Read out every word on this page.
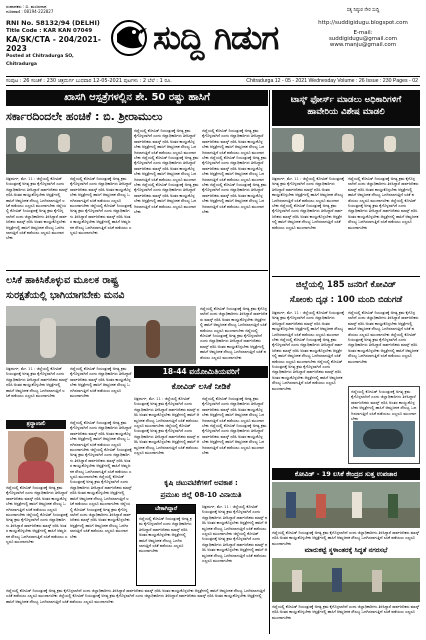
ಸಂಪಾದಕರು : ಬಿ. ಮಂಜುನಾಥ
ದೂರವಾಣಿ : 08194-222827
RNI No. 58132/94 (DELHI)
Title Code : KAR KAN 07049
KA/SK/CTA - 204/2021-2023
Posted at Chitradurga SO, Chitradurga
ಸುದ್ದಿ ಗಿಡುಗ
ಸತ್ಯ ನಿಷ್ಠುರ ನೇರ ಸುದ್ದಿ
http://suddigidugu.blogspot.com
E-mail:
suddigidugu@gmail.com
www.manju@gmail.com
ಸಂಪುಟ : 26 ಸಂಚಿಕೆ : 230 ಚಿತ್ರದುರ್ಗ ಬುಧವಾರ 12-05-2021 ಪುಟಗಳು : 2 ಬೆಲೆ : 1 ರೂ.	Chitradurga 12 - 05 - 2021 Wednesday Volume : 26 Issue : 230 Pages - 02
ಖಾಸಗಿ ಆಸ್ಪತ್ರೆಗಳಲ್ಲಿನ ಶೇ. 50 ರಷ್ಟು ಹಾಸಿಗೆ
ಸರ್ಕಾರದಿಂದಲೇ ಹಂಚಿಕೆ : ಬಿ. ಶ್ರೀರಾಮುಲು
ಟಾಸ್ಕ್ ಫೋರ್ಸ್ ಮಾಡಲು ಅಧಿಕಾರಿಗಳಿಗೆ ಹಾವೇರಿಯ ವಿಶೇಷ ಮಾಡಲಿ
ಚಿತ್ರದುರ್ಗ, ಮೇ. 11 : ಜಿಲ್ಲೆಯಲ್ಲಿ ಕೋವಿಡ್ ನಿಯಂತ್ರಣಕ್ಕೆ ಅಗತ್ಯ ಕ್ರಮ ಕೈಗೊಳ್ಳಲಾಗಿದೆ ಎಂದು ಜಿಲ್ಲಾಧಿಕಾರಿಗಳು ತಿಳಿಸಿದ್ದಾರೆ ಸಾರ್ವಜನಿಕರು ಮಾಸ್ಕ್ ಧರಿಸಿ ಅಂತರ ಕಾಯ್ದುಕೊಳ್ಳಬೇಕು ಆಸ್ಪತ್ರೆಗಳಲ್ಲಿ ಹಾಸಿಗೆ ಆಮ್ಲಜನಕ ಸೌಲಭ್ಯ ಒದಗಿಸಲಾಗುತ್ತಿದೆ ಲಸಿಕೆ ಪಡೆಯಲು ಎಲ್ಲರೂ ಮುಂದಾಗಬೇಕು ಜಿಲ್ಲೆಯಲ್ಲಿ ಕೋವಿಡ್ ನಿಯಂತ್ರಣಕ್ಕೆ ಅಗತ್ಯ ಕ್ರಮ ಕೈಗೊಳ್ಳಲಾಗಿದೆ ಎಂದು ಜಿಲ್ಲಾಧಿಕಾರಿಗಳು ತಿಳಿಸಿದ್ದಾರೆ ಸಾರ್ವಜನಿಕರು ಮಾಸ್ಕ್ ಧರಿಸಿ ಅಂತರ ಕಾಯ್ದುಕೊಳ್ಳಬೇಕು ಆಸ್ಪತ್ರೆಗಳಲ್ಲಿ ಹಾಸಿಗೆ ಆಮ್ಲಜನಕ ಸೌಲಭ್ಯ ಒದಗಿಸಲಾಗುತ್ತಿದೆ ಲಸಿಕೆ ಪಡೆಯಲು ಎಲ್ಲರೂ ಮುಂದಾಗಬೇಕು
ಜಿಲ್ಲೆಯಲ್ಲಿ ಕೋವಿಡ್ ನಿಯಂತ್ರಣಕ್ಕೆ ಅಗತ್ಯ ಕ್ರಮ ಕೈಗೊಳ್ಳಲಾಗಿದೆ ಎಂದು ಜಿಲ್ಲಾಧಿಕಾರಿಗಳು ತಿಳಿಸಿದ್ದಾರೆ ಸಾರ್ವಜನಿಕರು ಮಾಸ್ಕ್ ಧರಿಸಿ ಅಂತರ ಕಾಯ್ದುಕೊಳ್ಳಬೇಕು ಆಸ್ಪತ್ರೆಗಳಲ್ಲಿ ಹಾಸಿಗೆ ಆಮ್ಲಜನಕ ಸೌಲಭ್ಯ ಒದಗಿಸಲಾಗುತ್ತಿದೆ ಲಸಿಕೆ ಪಡೆಯಲು ಎಲ್ಲರೂ ಮುಂದಾಗಬೇಕು ಜಿಲ್ಲೆಯಲ್ಲಿ ಕೋವಿಡ್ ನಿಯಂತ್ರಣಕ್ಕೆ ಅಗತ್ಯ ಕ್ರಮ ಕೈಗೊಳ್ಳಲಾಗಿದೆ ಎಂದು ಜಿಲ್ಲಾಧಿಕಾರಿಗಳು ತಿಳಿಸಿದ್ದಾರೆ ಸಾರ್ವಜನಿಕರು ಮಾಸ್ಕ್ ಧರಿಸಿ ಅಂತರ ಕಾಯ್ದುಕೊಳ್ಳಬೇಕು ಆಸ್ಪತ್ರೆಗಳಲ್ಲಿ ಹಾಸಿಗೆ ಆಮ್ಲಜನಕ ಸೌಲಭ್ಯ ಒದಗಿಸಲಾಗುತ್ತಿದೆ ಲಸಿಕೆ ಪಡೆಯಲು ಎಲ್ಲರೂ ಮುಂದಾಗಬೇಕು
ಜಿಲ್ಲೆಯಲ್ಲಿ ಕೋವಿಡ್ ನಿಯಂತ್ರಣಕ್ಕೆ ಅಗತ್ಯ ಕ್ರಮ ಕೈಗೊಳ್ಳಲಾಗಿದೆ ಎಂದು ಜಿಲ್ಲಾಧಿಕಾರಿಗಳು ತಿಳಿಸಿದ್ದಾರೆ ಸಾರ್ವಜನಿಕರು ಮಾಸ್ಕ್ ಧರಿಸಿ ಅಂತರ ಕಾಯ್ದುಕೊಳ್ಳಬೇಕು ಆಸ್ಪತ್ರೆಗಳಲ್ಲಿ ಹಾಸಿಗೆ ಆಮ್ಲಜನಕ ಸೌಲಭ್ಯ ಒದಗಿಸಲಾಗುತ್ತಿದೆ ಲಸಿಕೆ ಪಡೆಯಲು ಎಲ್ಲರೂ ಮುಂದಾಗಬೇಕು ಜಿಲ್ಲೆಯಲ್ಲಿ ಕೋವಿಡ್ ನಿಯಂತ್ರಣಕ್ಕೆ ಅಗತ್ಯ ಕ್ರಮ ಕೈಗೊಳ್ಳಲಾಗಿದೆ ಎಂದು ಜಿಲ್ಲಾಧಿಕಾರಿಗಳು ತಿಳಿಸಿದ್ದಾರೆ ಸಾರ್ವಜನಿಕರು ಮಾಸ್ಕ್ ಧರಿಸಿ ಅಂತರ ಕಾಯ್ದುಕೊಳ್ಳಬೇಕು ಆಸ್ಪತ್ರೆಗಳಲ್ಲಿ ಹಾಸಿಗೆ ಆಮ್ಲಜನಕ ಸೌಲಭ್ಯ ಒದಗಿಸಲಾಗುತ್ತಿದೆ ಲಸಿಕೆ ಪಡೆಯಲು ಎಲ್ಲರೂ ಮುಂದಾಗಬೇಕು ಜಿಲ್ಲೆಯಲ್ಲಿ ಕೋವಿಡ್ ನಿಯಂತ್ರಣಕ್ಕೆ ಅಗತ್ಯ ಕ್ರಮ ಕೈಗೊಳ್ಳಲಾಗಿದೆ ಎಂದು ಜಿಲ್ಲಾಧಿಕಾರಿಗಳು ತಿಳಿಸಿದ್ದಾರೆ ಸಾರ್ವಜನಿಕರು ಮಾಸ್ಕ್ ಧರಿಸಿ ಅಂತರ ಕಾಯ್ದುಕೊಳ್ಳಬೇಕು ಆಸ್ಪತ್ರೆಗಳಲ್ಲಿ ಹಾಸಿಗೆ ಆಮ್ಲಜನಕ ಸೌಲಭ್ಯ ಒದಗಿಸಲಾಗುತ್ತಿದೆ ಲಸಿಕೆ ಪಡೆಯಲು ಎಲ್ಲರೂ ಮುಂದಾಗಬೇಕು
ಜಿಲ್ಲೆಯಲ್ಲಿ ಕೋವಿಡ್ ನಿಯಂತ್ರಣಕ್ಕೆ ಅಗತ್ಯ ಕ್ರಮ ಕೈಗೊಳ್ಳಲಾಗಿದೆ ಎಂದು ಜಿಲ್ಲಾಧಿಕಾರಿಗಳು ತಿಳಿಸಿದ್ದಾರೆ ಸಾರ್ವಜನಿಕರು ಮಾಸ್ಕ್ ಧರಿಸಿ ಅಂತರ ಕಾಯ್ದುಕೊಳ್ಳಬೇಕು ಆಸ್ಪತ್ರೆಗಳಲ್ಲಿ ಹಾಸಿಗೆ ಆಮ್ಲಜನಕ ಸೌಲಭ್ಯ ಒದಗಿಸಲಾಗುತ್ತಿದೆ ಲಸಿಕೆ ಪಡೆಯಲು ಎಲ್ಲರೂ ಮುಂದಾಗಬೇಕು ಜಿಲ್ಲೆಯಲ್ಲಿ ಕೋವಿಡ್ ನಿಯಂತ್ರಣಕ್ಕೆ ಅಗತ್ಯ ಕ್ರಮ ಕೈಗೊಳ್ಳಲಾಗಿದೆ ಎಂದು ಜಿಲ್ಲಾಧಿಕಾರಿಗಳು ತಿಳಿಸಿದ್ದಾರೆ ಸಾರ್ವಜನಿಕರು ಮಾಸ್ಕ್ ಧರಿಸಿ ಅಂತರ ಕಾಯ್ದುಕೊಳ್ಳಬೇಕು ಆಸ್ಪತ್ರೆಗಳಲ್ಲಿ ಹಾಸಿಗೆ ಆಮ್ಲಜನಕ ಸೌಲಭ್ಯ ಒದಗಿಸಲಾಗುತ್ತಿದೆ ಲಸಿಕೆ ಪಡೆಯಲು ಎಲ್ಲರೂ ಮುಂದಾಗಬೇಕು ಜಿಲ್ಲೆಯಲ್ಲಿ ಕೋವಿಡ್ ನಿಯಂತ್ರಣಕ್ಕೆ ಅಗತ್ಯ ಕ್ರಮ ಕೈಗೊಳ್ಳಲಾಗಿದೆ ಎಂದು ಜಿಲ್ಲಾಧಿಕಾರಿಗಳು ತಿಳಿಸಿದ್ದಾರೆ ಸಾರ್ವಜನಿಕರು ಮಾಸ್ಕ್ ಧರಿಸಿ ಅಂತರ ಕಾಯ್ದುಕೊಳ್ಳಬೇಕು ಆಸ್ಪತ್ರೆಗಳಲ್ಲಿ ಹಾಸಿಗೆ ಆಮ್ಲಜನಕ ಸೌಲಭ್ಯ ಒದಗಿಸಲಾಗುತ್ತಿದೆ ಲಸಿಕೆ ಪಡೆಯಲು ಎಲ್ಲರೂ ಮುಂದಾಗಬೇಕು
ಚಿತ್ರದುರ್ಗ, ಮೇ. 11 : ಜಿಲ್ಲೆಯಲ್ಲಿ ಕೋವಿಡ್ ನಿಯಂತ್ರಣಕ್ಕೆ ಅಗತ್ಯ ಕ್ರಮ ಕೈಗೊಳ್ಳಲಾಗಿದೆ ಎಂದು ಜಿಲ್ಲಾಧಿಕಾರಿಗಳು ತಿಳಿಸಿದ್ದಾರೆ ಸಾರ್ವಜನಿಕರು ಮಾಸ್ಕ್ ಧರಿಸಿ ಅಂತರ ಕಾಯ್ದುಕೊಳ್ಳಬೇಕು ಆಸ್ಪತ್ರೆಗಳಲ್ಲಿ ಹಾಸಿಗೆ ಆಮ್ಲಜನಕ ಸೌಲಭ್ಯ ಒದಗಿಸಲಾಗುತ್ತಿದೆ ಲಸಿಕೆ ಪಡೆಯಲು ಎಲ್ಲರೂ ಮುಂದಾಗಬೇಕು ಜಿಲ್ಲೆಯಲ್ಲಿ ಕೋವಿಡ್ ನಿಯಂತ್ರಣಕ್ಕೆ ಅಗತ್ಯ ಕ್ರಮ ಕೈಗೊಳ್ಳಲಾಗಿದೆ ಎಂದು ಜಿಲ್ಲಾಧಿಕಾರಿಗಳು ತಿಳಿಸಿದ್ದಾರೆ ಸಾರ್ವಜನಿಕರು ಮಾಸ್ಕ್ ಧರಿಸಿ ಅಂತರ ಕಾಯ್ದುಕೊಳ್ಳಬೇಕು ಆಸ್ಪತ್ರೆಗಳಲ್ಲಿ ಹಾಸಿಗೆ ಆಮ್ಲಜನಕ ಸೌಲಭ್ಯ ಒದಗಿಸಲಾಗುತ್ತಿದೆ ಲಸಿಕೆ ಪಡೆಯಲು ಎಲ್ಲರೂ ಮುಂದಾಗಬೇಕು
ಜಿಲ್ಲೆಯಲ್ಲಿ ಕೋವಿಡ್ ನಿಯಂತ್ರಣಕ್ಕೆ ಅಗತ್ಯ ಕ್ರಮ ಕೈಗೊಳ್ಳಲಾಗಿದೆ ಎಂದು ಜಿಲ್ಲಾಧಿಕಾರಿಗಳು ತಿಳಿಸಿದ್ದಾರೆ ಸಾರ್ವಜನಿಕರು ಮಾಸ್ಕ್ ಧರಿಸಿ ಅಂತರ ಕಾಯ್ದುಕೊಳ್ಳಬೇಕು ಆಸ್ಪತ್ರೆಗಳಲ್ಲಿ ಹಾಸಿಗೆ ಆಮ್ಲಜನಕ ಸೌಲಭ್ಯ ಒದಗಿಸಲಾಗುತ್ತಿದೆ ಲಸಿಕೆ ಪಡೆಯಲು ಎಲ್ಲರೂ ಮುಂದಾಗಬೇಕು ಜಿಲ್ಲೆಯಲ್ಲಿ ಕೋವಿಡ್ ನಿಯಂತ್ರಣಕ್ಕೆ ಅಗತ್ಯ ಕ್ರಮ ಕೈಗೊಳ್ಳಲಾಗಿದೆ ಎಂದು ಜಿಲ್ಲಾಧಿಕಾರಿಗಳು ತಿಳಿಸಿದ್ದಾರೆ ಸಾರ್ವಜನಿಕರು ಮಾಸ್ಕ್ ಧರಿಸಿ ಅಂತರ ಕಾಯ್ದುಕೊಳ್ಳಬೇಕು ಆಸ್ಪತ್ರೆಗಳಲ್ಲಿ ಹಾಸಿಗೆ ಆಮ್ಲಜನಕ ಸೌಲಭ್ಯ ಒದಗಿಸಲಾಗುತ್ತಿದೆ ಲಸಿಕೆ ಪಡೆಯಲು ಎಲ್ಲರೂ ಮುಂದಾಗಬೇಕು
ಲಸಿಕೆ ಹಾಕಿಸಿಕೊಳ್ಳುವ ಮೂಲಕ ರಾಷ್ಟ್ರ
ಸುರಕ್ಷತೆಯಲ್ಲಿ ಭಾಗಿಯಾಗಬೇಕು ಮನವಿ
ಜಿಲ್ಲೆಯಲ್ಲಿ ಕೋವಿಡ್ ನಿಯಂತ್ರಣಕ್ಕೆ ಅಗತ್ಯ ಕ್ರಮ ಕೈಗೊಳ್ಳಲಾಗಿದೆ ಎಂದು ಜಿಲ್ಲಾಧಿಕಾರಿಗಳು ತಿಳಿಸಿದ್ದಾರೆ ಸಾರ್ವಜನಿಕರು ಮಾಸ್ಕ್ ಧರಿಸಿ ಅಂತರ ಕಾಯ್ದುಕೊಳ್ಳಬೇಕು ಆಸ್ಪತ್ರೆಗಳಲ್ಲಿ ಹಾಸಿಗೆ ಆಮ್ಲಜನಕ ಸೌಲಭ್ಯ ಒದಗಿಸಲಾಗುತ್ತಿದೆ ಲಸಿಕೆ ಪಡೆಯಲು ಎಲ್ಲರೂ ಮುಂದಾಗಬೇಕು ಜಿಲ್ಲೆಯಲ್ಲಿ ಕೋವಿಡ್ ನಿಯಂತ್ರಣಕ್ಕೆ ಅಗತ್ಯ ಕ್ರಮ ಕೈಗೊಳ್ಳಲಾಗಿದೆ ಎಂದು ಜಿಲ್ಲಾಧಿಕಾರಿಗಳು ತಿಳಿಸಿದ್ದಾರೆ ಸಾರ್ವಜನಿಕರು ಮಾಸ್ಕ್ ಧರಿಸಿ ಅಂತರ ಕಾಯ್ದುಕೊಳ್ಳಬೇಕು ಆಸ್ಪತ್ರೆಗಳಲ್ಲಿ ಹಾಸಿಗೆ ಆಮ್ಲಜನಕ ಸೌಲಭ್ಯ ಒದಗಿಸಲಾಗುತ್ತಿದೆ ಲಸಿಕೆ ಪಡೆಯಲು ಎಲ್ಲರೂ ಮುಂದಾಗಬೇಕು
ಚಿತ್ರದುರ್ಗ, ಮೇ. 11 : ಜಿಲ್ಲೆಯಲ್ಲಿ ಕೋವಿಡ್ ನಿಯಂತ್ರಣಕ್ಕೆ ಅಗತ್ಯ ಕ್ರಮ ಕೈಗೊಳ್ಳಲಾಗಿದೆ ಎಂದು ಜಿಲ್ಲಾಧಿಕಾರಿಗಳು ತಿಳಿಸಿದ್ದಾರೆ ಸಾರ್ವಜನಿಕರು ಮಾಸ್ಕ್ ಧರಿಸಿ ಅಂತರ ಕಾಯ್ದುಕೊಳ್ಳಬೇಕು ಆಸ್ಪತ್ರೆಗಳಲ್ಲಿ ಹಾಸಿಗೆ ಆಮ್ಲಜನಕ ಸೌಲಭ್ಯ ಒದಗಿಸಲಾಗುತ್ತಿದೆ ಲಸಿಕೆ ಪಡೆಯಲು ಎಲ್ಲರೂ ಮುಂದಾಗಬೇಕು
ಜಿಲ್ಲೆಯಲ್ಲಿ ಕೋವಿಡ್ ನಿಯಂತ್ರಣಕ್ಕೆ ಅಗತ್ಯ ಕ್ರಮ ಕೈಗೊಳ್ಳಲಾಗಿದೆ ಎಂದು ಜಿಲ್ಲಾಧಿಕಾರಿಗಳು ತಿಳಿಸಿದ್ದಾರೆ ಸಾರ್ವಜನಿಕರು ಮಾಸ್ಕ್ ಧರಿಸಿ ಅಂತರ ಕಾಯ್ದುಕೊಳ್ಳಬೇಕು ಆಸ್ಪತ್ರೆಗಳಲ್ಲಿ ಹಾಸಿಗೆ ಆಮ್ಲಜನಕ ಸೌಲಭ್ಯ ಒದಗಿಸಲಾಗುತ್ತಿದೆ ಲಸಿಕೆ ಪಡೆಯಲು ಎಲ್ಲರೂ ಮುಂದಾಗಬೇಕು
18-44 ವಯೋಮಿತಿಯವರಿಗೆ
ಕೋವಿಡ್ ಲಸಿಕೆ ನೀಡಿಕೆ
ಚಿತ್ರದುರ್ಗ, ಮೇ. 11 : ಜಿಲ್ಲೆಯಲ್ಲಿ ಕೋವಿಡ್ ನಿಯಂತ್ರಣಕ್ಕೆ ಅಗತ್ಯ ಕ್ರಮ ಕೈಗೊಳ್ಳಲಾಗಿದೆ ಎಂದು ಜಿಲ್ಲಾಧಿಕಾರಿಗಳು ತಿಳಿಸಿದ್ದಾರೆ ಸಾರ್ವಜನಿಕರು ಮಾಸ್ಕ್ ಧರಿಸಿ ಅಂತರ ಕಾಯ್ದುಕೊಳ್ಳಬೇಕು ಆಸ್ಪತ್ರೆಗಳಲ್ಲಿ ಹಾಸಿಗೆ ಆಮ್ಲಜನಕ ಸೌಲಭ್ಯ ಒದಗಿಸಲಾಗುತ್ತಿದೆ ಲಸಿಕೆ ಪಡೆಯಲು ಎಲ್ಲರೂ ಮುಂದಾಗಬೇಕು ಜಿಲ್ಲೆಯಲ್ಲಿ ಕೋವಿಡ್ ನಿಯಂತ್ರಣಕ್ಕೆ ಅಗತ್ಯ ಕ್ರಮ ಕೈಗೊಳ್ಳಲಾಗಿದೆ ಎಂದು ಜಿಲ್ಲಾಧಿಕಾರಿಗಳು ತಿಳಿಸಿದ್ದಾರೆ ಸಾರ್ವಜನಿಕರು ಮಾಸ್ಕ್ ಧರಿಸಿ ಅಂತರ ಕಾಯ್ದುಕೊಳ್ಳಬೇಕು ಆಸ್ಪತ್ರೆಗಳಲ್ಲಿ ಹಾಸಿಗೆ ಆಮ್ಲಜನಕ ಸೌಲಭ್ಯ ಒದಗಿಸಲಾಗುತ್ತಿದೆ ಲಸಿಕೆ ಪಡೆಯಲು ಎಲ್ಲರೂ ಮುಂದಾಗಬೇಕು
ಜಿಲ್ಲೆಯಲ್ಲಿ ಕೋವಿಡ್ ನಿಯಂತ್ರಣಕ್ಕೆ ಅಗತ್ಯ ಕ್ರಮ ಕೈಗೊಳ್ಳಲಾಗಿದೆ ಎಂದು ಜಿಲ್ಲಾಧಿಕಾರಿಗಳು ತಿಳಿಸಿದ್ದಾರೆ ಸಾರ್ವಜನಿಕರು ಮಾಸ್ಕ್ ಧರಿಸಿ ಅಂತರ ಕಾಯ್ದುಕೊಳ್ಳಬೇಕು ಆಸ್ಪತ್ರೆಗಳಲ್ಲಿ ಹಾಸಿಗೆ ಆಮ್ಲಜನಕ ಸೌಲಭ್ಯ ಒದಗಿಸಲಾಗುತ್ತಿದೆ ಲಸಿಕೆ ಪಡೆಯಲು ಎಲ್ಲರೂ ಮುಂದಾಗಬೇಕು ಜಿಲ್ಲೆಯಲ್ಲಿ ಕೋವಿಡ್ ನಿಯಂತ್ರಣಕ್ಕೆ ಅಗತ್ಯ ಕ್ರಮ ಕೈಗೊಳ್ಳಲಾಗಿದೆ ಎಂದು ಜಿಲ್ಲಾಧಿಕಾರಿಗಳು ತಿಳಿಸಿದ್ದಾರೆ ಸಾರ್ವಜನಿಕರು ಮಾಸ್ಕ್ ಧರಿಸಿ ಅಂತರ ಕಾಯ್ದುಕೊಳ್ಳಬೇಕು ಆಸ್ಪತ್ರೆಗಳಲ್ಲಿ ಹಾಸಿಗೆ ಆಮ್ಲಜನಕ ಸೌಲಭ್ಯ ಒದಗಿಸಲಾಗುತ್ತಿದೆ ಲಸಿಕೆ ಪಡೆಯಲು ಎಲ್ಲರೂ ಮುಂದಾಗಬೇಕು
ಶ್ರದ್ಧಾಂಜಲಿ
ಜಿಲ್ಲೆಯಲ್ಲಿ ಕೋವಿಡ್ ನಿಯಂತ್ರಣಕ್ಕೆ ಅಗತ್ಯ ಕ್ರಮ ಕೈಗೊಳ್ಳಲಾಗಿದೆ ಎಂದು ಜಿಲ್ಲಾಧಿಕಾರಿಗಳು ತಿಳಿಸಿದ್ದಾರೆ ಸಾರ್ವಜನಿಕರು ಮಾಸ್ಕ್ ಧರಿಸಿ ಅಂತರ ಕಾಯ್ದುಕೊಳ್ಳಬೇಕು ಆಸ್ಪತ್ರೆಗಳಲ್ಲಿ ಹಾಸಿಗೆ ಆಮ್ಲಜನಕ ಸೌಲಭ್ಯ ಒದಗಿಸಲಾಗುತ್ತಿದೆ ಲಸಿಕೆ ಪಡೆಯಲು ಎಲ್ಲರೂ ಮುಂದಾಗಬೇಕು ಜಿಲ್ಲೆಯಲ್ಲಿ ಕೋವಿಡ್ ನಿಯಂತ್ರಣಕ್ಕೆ ಅಗತ್ಯ ಕ್ರಮ ಕೈಗೊಳ್ಳಲಾಗಿದೆ ಎಂದು ಜಿಲ್ಲಾಧಿಕಾರಿಗಳು ತಿಳಿಸಿದ್ದಾರೆ ಸಾರ್ವಜನಿಕರು ಮಾಸ್ಕ್ ಧರಿಸಿ ಅಂತರ ಕಾಯ್ದುಕೊಳ್ಳಬೇಕು ಆಸ್ಪತ್ರೆಗಳಲ್ಲಿ ಹಾಸಿಗೆ ಆಮ್ಲಜನಕ ಸೌಲಭ್ಯ ಒದಗಿಸಲಾಗುತ್ತಿದೆ ಲಸಿಕೆ ಪಡೆಯಲು ಎಲ್ಲರೂ ಮುಂದಾಗಬೇಕು
ಜಿಲ್ಲೆಯಲ್ಲಿ ಕೋವಿಡ್ ನಿಯಂತ್ರಣಕ್ಕೆ ಅಗತ್ಯ ಕ್ರಮ ಕೈಗೊಳ್ಳಲಾಗಿದೆ ಎಂದು ಜಿಲ್ಲಾಧಿಕಾರಿಗಳು ತಿಳಿಸಿದ್ದಾರೆ ಸಾರ್ವಜನಿಕರು ಮಾಸ್ಕ್ ಧರಿಸಿ ಅಂತರ ಕಾಯ್ದುಕೊಳ್ಳಬೇಕು ಆಸ್ಪತ್ರೆಗಳಲ್ಲಿ ಹಾಸಿಗೆ ಆಮ್ಲಜನಕ ಸೌಲಭ್ಯ ಒದಗಿಸಲಾಗುತ್ತಿದೆ ಲಸಿಕೆ ಪಡೆಯಲು ಎಲ್ಲರೂ ಮುಂದಾಗಬೇಕು ಜಿಲ್ಲೆಯಲ್ಲಿ ಕೋವಿಡ್ ನಿಯಂತ್ರಣಕ್ಕೆ ಅಗತ್ಯ ಕ್ರಮ ಕೈಗೊಳ್ಳಲಾಗಿದೆ ಎಂದು ಜಿಲ್ಲಾಧಿಕಾರಿಗಳು ತಿಳಿಸಿದ್ದಾರೆ ಸಾರ್ವಜನಿಕರು ಮಾಸ್ಕ್ ಧರಿಸಿ ಅಂತರ ಕಾಯ್ದುಕೊಳ್ಳಬೇಕು ಆಸ್ಪತ್ರೆಗಳಲ್ಲಿ ಹಾಸಿಗೆ ಆಮ್ಲಜನಕ ಸೌಲಭ್ಯ ಒದಗಿಸಲಾಗುತ್ತಿದೆ ಲಸಿಕೆ ಪಡೆಯಲು ಎಲ್ಲರೂ ಮುಂದಾಗಬೇಕು ಜಿಲ್ಲೆಯಲ್ಲಿ ಕೋವಿಡ್ ನಿಯಂತ್ರಣಕ್ಕೆ ಅಗತ್ಯ ಕ್ರಮ ಕೈಗೊಳ್ಳಲಾಗಿದೆ ಎಂದು ಜಿಲ್ಲಾಧಿಕಾರಿಗಳು ತಿಳಿಸಿದ್ದಾರೆ ಸಾರ್ವಜನಿಕರು ಮಾಸ್ಕ್ ಧರಿಸಿ ಅಂತರ ಕಾಯ್ದುಕೊಳ್ಳಬೇಕು ಆಸ್ಪತ್ರೆಗಳಲ್ಲಿ ಹಾಸಿಗೆ ಆಮ್ಲಜನಕ ಸೌಲಭ್ಯ ಒದಗಿಸಲಾಗುತ್ತಿದೆ ಲಸಿಕೆ ಪಡೆಯಲು ಎಲ್ಲರೂ ಮುಂದಾಗಬೇಕು ಜಿಲ್ಲೆಯಲ್ಲಿ ಕೋವಿಡ್ ನಿಯಂತ್ರಣಕ್ಕೆ ಅಗತ್ಯ ಕ್ರಮ ಕೈಗೊಳ್ಳಲಾಗಿದೆ ಎಂದು ಜಿಲ್ಲಾಧಿಕಾರಿಗಳು ತಿಳಿಸಿದ್ದಾರೆ ಸಾರ್ವಜನಿಕರು ಮಾಸ್ಕ್ ಧರಿಸಿ ಅಂತರ ಕಾಯ್ದುಕೊಳ್ಳಬೇಕು ಆಸ್ಪತ್ರೆಗಳಲ್ಲಿ ಹಾಸಿಗೆ ಆಮ್ಲಜನಕ ಸೌಲಭ್ಯ ಒದಗಿಸಲಾಗುತ್ತಿದೆ ಲಸಿಕೆ ಪಡೆಯಲು ಎಲ್ಲರೂ ಮುಂದಾಗಬೇಕು
ಕೃಷಿ ಚಟುವಟಿಕೆಗಳಿಗೆ ಅವಕಾಶ :
ಪ್ರಮುಖ ಜಿಲ್ಲೆ 08-10 ವಿನಾಯಿತಿ
ಬೇಕಾಗಿದ್ದಾರೆ
ಜಿಲ್ಲೆಯಲ್ಲಿ ಕೋವಿಡ್ ನಿಯಂತ್ರಣಕ್ಕೆ ಅಗತ್ಯ ಕ್ರಮ ಕೈಗೊಳ್ಳಲಾಗಿದೆ ಎಂದು ಜಿಲ್ಲಾಧಿಕಾರಿಗಳು ತಿಳಿಸಿದ್ದಾರೆ ಸಾರ್ವಜನಿಕರು ಮಾಸ್ಕ್ ಧರಿಸಿ ಅಂತರ ಕಾಯ್ದುಕೊಳ್ಳಬೇಕು ಆಸ್ಪತ್ರೆಗಳಲ್ಲಿ ಹಾಸಿಗೆ ಆಮ್ಲಜನಕ ಸೌಲಭ್ಯ ಒದಗಿಸಲಾಗುತ್ತಿದೆ ಲಸಿಕೆ ಪಡೆಯಲು ಎಲ್ಲರೂ ಮುಂದಾಗಬೇಕು
ಚಿತ್ರದುರ್ಗ, ಮೇ. 11 : ಜಿಲ್ಲೆಯಲ್ಲಿ ಕೋವಿಡ್ ನಿಯಂತ್ರಣಕ್ಕೆ ಅಗತ್ಯ ಕ್ರಮ ಕೈಗೊಳ್ಳಲಾಗಿದೆ ಎಂದು ಜಿಲ್ಲಾಧಿಕಾರಿಗಳು ತಿಳಿಸಿದ್ದಾರೆ ಸಾರ್ವಜನಿಕರು ಮಾಸ್ಕ್ ಧರಿಸಿ ಅಂತರ ಕಾಯ್ದುಕೊಳ್ಳಬೇಕು ಆಸ್ಪತ್ರೆಗಳಲ್ಲಿ ಹಾಸಿಗೆ ಆಮ್ಲಜನಕ ಸೌಲಭ್ಯ ಒದಗಿಸಲಾಗುತ್ತಿದೆ ಲಸಿಕೆ ಪಡೆಯಲು ಎಲ್ಲರೂ ಮುಂದಾಗಬೇಕು ಜಿಲ್ಲೆಯಲ್ಲಿ ಕೋವಿಡ್ ನಿಯಂತ್ರಣಕ್ಕೆ ಅಗತ್ಯ ಕ್ರಮ ಕೈಗೊಳ್ಳಲಾಗಿದೆ ಎಂದು ಜಿಲ್ಲಾಧಿಕಾರಿಗಳು ತಿಳಿಸಿದ್ದಾರೆ ಸಾರ್ವಜನಿಕರು ಮಾಸ್ಕ್ ಧರಿಸಿ ಅಂತರ ಕಾಯ್ದುಕೊಳ್ಳಬೇಕು ಆಸ್ಪತ್ರೆಗಳಲ್ಲಿ ಹಾಸಿಗೆ ಆಮ್ಲಜನಕ ಸೌಲಭ್ಯ ಒದಗಿಸಲಾಗುತ್ತಿದೆ ಲಸಿಕೆ ಪಡೆಯಲು ಎಲ್ಲರೂ ಮುಂದಾಗಬೇಕು
ಜಿಲ್ಲೆಯಲ್ಲಿ 185 ಜನರಿಗೆ ಕೋವಿಡ್
ಸೋಂಕು ದೃಢ : 100 ಮಂದಿ ಬಿಡುಗಡೆ
ಚಿತ್ರದುರ್ಗ, ಮೇ. 11 : ಜಿಲ್ಲೆಯಲ್ಲಿ ಕೋವಿಡ್ ನಿಯಂತ್ರಣಕ್ಕೆ ಅಗತ್ಯ ಕ್ರಮ ಕೈಗೊಳ್ಳಲಾಗಿದೆ ಎಂದು ಜಿಲ್ಲಾಧಿಕಾರಿಗಳು ತಿಳಿಸಿದ್ದಾರೆ ಸಾರ್ವಜನಿಕರು ಮಾಸ್ಕ್ ಧರಿಸಿ ಅಂತರ ಕಾಯ್ದುಕೊಳ್ಳಬೇಕು ಆಸ್ಪತ್ರೆಗಳಲ್ಲಿ ಹಾಸಿಗೆ ಆಮ್ಲಜನಕ ಸೌಲಭ್ಯ ಒದಗಿಸಲಾಗುತ್ತಿದೆ ಲಸಿಕೆ ಪಡೆಯಲು ಎಲ್ಲರೂ ಮುಂದಾಗಬೇಕು ಜಿಲ್ಲೆಯಲ್ಲಿ ಕೋವಿಡ್ ನಿಯಂತ್ರಣಕ್ಕೆ ಅಗತ್ಯ ಕ್ರಮ ಕೈಗೊಳ್ಳಲಾಗಿದೆ ಎಂದು ಜಿಲ್ಲಾಧಿಕಾರಿಗಳು ತಿಳಿಸಿದ್ದಾರೆ ಸಾರ್ವಜನಿಕರು ಮಾಸ್ಕ್ ಧರಿಸಿ ಅಂತರ ಕಾಯ್ದುಕೊಳ್ಳಬೇಕು ಆಸ್ಪತ್ರೆಗಳಲ್ಲಿ ಹಾಸಿಗೆ ಆಮ್ಲಜನಕ ಸೌಲಭ್ಯ ಒದಗಿಸಲಾಗುತ್ತಿದೆ ಲಸಿಕೆ ಪಡೆಯಲು ಎಲ್ಲರೂ ಮುಂದಾಗಬೇಕು ಜಿಲ್ಲೆಯಲ್ಲಿ ಕೋವಿಡ್ ನಿಯಂತ್ರಣಕ್ಕೆ ಅಗತ್ಯ ಕ್ರಮ ಕೈಗೊಳ್ಳಲಾಗಿದೆ ಎಂದು ಜಿಲ್ಲಾಧಿಕಾರಿಗಳು ತಿಳಿಸಿದ್ದಾರೆ ಸಾರ್ವಜನಿಕರು ಮಾಸ್ಕ್ ಧರಿಸಿ ಅಂತರ ಕಾಯ್ದುಕೊಳ್ಳಬೇಕು ಆಸ್ಪತ್ರೆಗಳಲ್ಲಿ ಹಾಸಿಗೆ ಆಮ್ಲಜನಕ ಸೌಲಭ್ಯ ಒದಗಿಸಲಾಗುತ್ತಿದೆ ಲಸಿಕೆ ಪಡೆಯಲು ಎಲ್ಲರೂ ಮುಂದಾಗಬೇಕು
ಜಿಲ್ಲೆಯಲ್ಲಿ ಕೋವಿಡ್ ನಿಯಂತ್ರಣಕ್ಕೆ ಅಗತ್ಯ ಕ್ರಮ ಕೈಗೊಳ್ಳಲಾಗಿದೆ ಎಂದು ಜಿಲ್ಲಾಧಿಕಾರಿಗಳು ತಿಳಿಸಿದ್ದಾರೆ ಸಾರ್ವಜನಿಕರು ಮಾಸ್ಕ್ ಧರಿಸಿ ಅಂತರ ಕಾಯ್ದುಕೊಳ್ಳಬೇಕು ಆಸ್ಪತ್ರೆಗಳಲ್ಲಿ ಹಾಸಿಗೆ ಆಮ್ಲಜನಕ ಸೌಲಭ್ಯ ಒದಗಿಸಲಾಗುತ್ತಿದೆ ಲಸಿಕೆ ಪಡೆಯಲು ಎಲ್ಲರೂ ಮುಂದಾಗಬೇಕು ಜಿಲ್ಲೆಯಲ್ಲಿ ಕೋವಿಡ್ ನಿಯಂತ್ರಣಕ್ಕೆ ಅಗತ್ಯ ಕ್ರಮ ಕೈಗೊಳ್ಳಲಾಗಿದೆ ಎಂದು ಜಿಲ್ಲಾಧಿಕಾರಿಗಳು ತಿಳಿಸಿದ್ದಾರೆ ಸಾರ್ವಜನಿಕರು ಮಾಸ್ಕ್ ಧರಿಸಿ ಅಂತರ ಕಾಯ್ದುಕೊಳ್ಳಬೇಕು ಆಸ್ಪತ್ರೆಗಳಲ್ಲಿ ಹಾಸಿಗೆ ಆಮ್ಲಜನಕ ಸೌಲಭ್ಯ ಒದಗಿಸಲಾಗುತ್ತಿದೆ ಲಸಿಕೆ ಪಡೆಯಲು ಎಲ್ಲರೂ ಮುಂದಾಗಬೇಕು
ಜಿಲ್ಲೆಯಲ್ಲಿ ಕೋವಿಡ್ ನಿಯಂತ್ರಣಕ್ಕೆ ಅಗತ್ಯ ಕ್ರಮ ಕೈಗೊಳ್ಳಲಾಗಿದೆ ಎಂದು ಜಿಲ್ಲಾಧಿಕಾರಿಗಳು ತಿಳಿಸಿದ್ದಾರೆ ಸಾರ್ವಜನಿಕರು ಮಾಸ್ಕ್ ಧರಿಸಿ ಅಂತರ ಕಾಯ್ದುಕೊಳ್ಳಬೇಕು ಆಸ್ಪತ್ರೆಗಳಲ್ಲಿ ಹಾಸಿಗೆ ಆಮ್ಲಜನಕ ಸೌಲಭ್ಯ ಒದಗಿಸಲಾಗುತ್ತಿದೆ ಲಸಿಕೆ ಪಡೆಯಲು ಎಲ್ಲರೂ ಮುಂದಾಗಬೇಕು
ಕೋವಿಡ್ - 19 ಲಸಿಕೆ ಕೇಂದ್ರದ ಸುತ್ತ ಉಪಚಾರ
ಜಿಲ್ಲೆಯಲ್ಲಿ ಕೋವಿಡ್ ನಿಯಂತ್ರಣಕ್ಕೆ ಅಗತ್ಯ ಕ್ರಮ ಕೈಗೊಳ್ಳಲಾಗಿದೆ ಎಂದು ಜಿಲ್ಲಾಧಿಕಾರಿಗಳು ತಿಳಿಸಿದ್ದಾರೆ ಸಾರ್ವಜನಿಕರು ಮಾಸ್ಕ್ ಧರಿಸಿ ಅಂತರ ಕಾಯ್ದುಕೊಳ್ಳಬೇಕು ಆಸ್ಪತ್ರೆಗಳಲ್ಲಿ ಹಾಸಿಗೆ ಆಮ್ಲಜನಕ ಸೌಲಭ್ಯ ಒದಗಿಸಲಾಗುತ್ತಿದೆ ಲಸಿಕೆ ಪಡೆಯಲು ಎಲ್ಲರೂ ಮುಂದಾಗಬೇಕು
ಮಾರುಕಟ್ಟೆ ಸ್ಥಳಾಂತರಕ್ಕೆ ಸಿದ್ಧತೆ ನಗರಸಭೆ
ಜಿಲ್ಲೆಯಲ್ಲಿ ಕೋವಿಡ್ ನಿಯಂತ್ರಣಕ್ಕೆ ಅಗತ್ಯ ಕ್ರಮ ಕೈಗೊಳ್ಳಲಾಗಿದೆ ಎಂದು ಜಿಲ್ಲಾಧಿಕಾರಿಗಳು ತಿಳಿಸಿದ್ದಾರೆ ಸಾರ್ವಜನಿಕರು ಮಾಸ್ಕ್ ಧರಿಸಿ ಅಂತರ ಕಾಯ್ದುಕೊಳ್ಳಬೇಕು ಆಸ್ಪತ್ರೆಗಳಲ್ಲಿ ಹಾಸಿಗೆ ಆಮ್ಲಜನಕ ಸೌಲಭ್ಯ ಒದಗಿಸಲಾಗುತ್ತಿದೆ ಲಸಿಕೆ ಪಡೆಯಲು ಎಲ್ಲರೂ ಮುಂದಾಗಬೇಕು
ಜಿಲ್ಲೆಯಲ್ಲಿ ಕೋವಿಡ್ ನಿಯಂತ್ರಣಕ್ಕೆ ಅಗತ್ಯ ಕ್ರಮ ಕೈಗೊಳ್ಳಲಾಗಿದೆ ಎಂದು ಜಿಲ್ಲಾಧಿಕಾರಿಗಳು ತಿಳಿಸಿದ್ದಾರೆ ಸಾರ್ವಜನಿಕರು ಮಾಸ್ಕ್ ಧರಿಸಿ ಅಂತರ ಕಾಯ್ದುಕೊಳ್ಳಬೇಕು ಆಸ್ಪತ್ರೆಗಳಲ್ಲಿ ಹಾಸಿಗೆ ಆಮ್ಲಜನಕ ಸೌಲಭ್ಯ ಒದಗಿಸಲಾಗುತ್ತಿದೆ ಲಸಿಕೆ ಪಡೆಯಲು ಎಲ್ಲರೂ ಮುಂದಾಗಬೇಕು ಜಿಲ್ಲೆಯಲ್ಲಿ ಕೋವಿಡ್ ನಿಯಂತ್ರಣಕ್ಕೆ ಅಗತ್ಯ ಕ್ರಮ ಕೈಗೊಳ್ಳಲಾಗಿದೆ ಎಂದು ಜಿಲ್ಲಾಧಿಕಾರಿಗಳು ತಿಳಿಸಿದ್ದಾರೆ ಸಾರ್ವಜನಿಕರು ಮಾಸ್ಕ್ ಧರಿಸಿ ಅಂತರ ಕಾಯ್ದುಕೊಳ್ಳಬೇಕು ಆಸ್ಪತ್ರೆಗಳಲ್ಲಿ ಹಾಸಿಗೆ ಆಮ್ಲಜನಕ ಸೌಲಭ್ಯ ಒದಗಿಸಲಾಗುತ್ತಿದೆ ಲಸಿಕೆ ಪಡೆಯಲು ಎಲ್ಲರೂ ಮುಂದಾಗಬೇಕು
